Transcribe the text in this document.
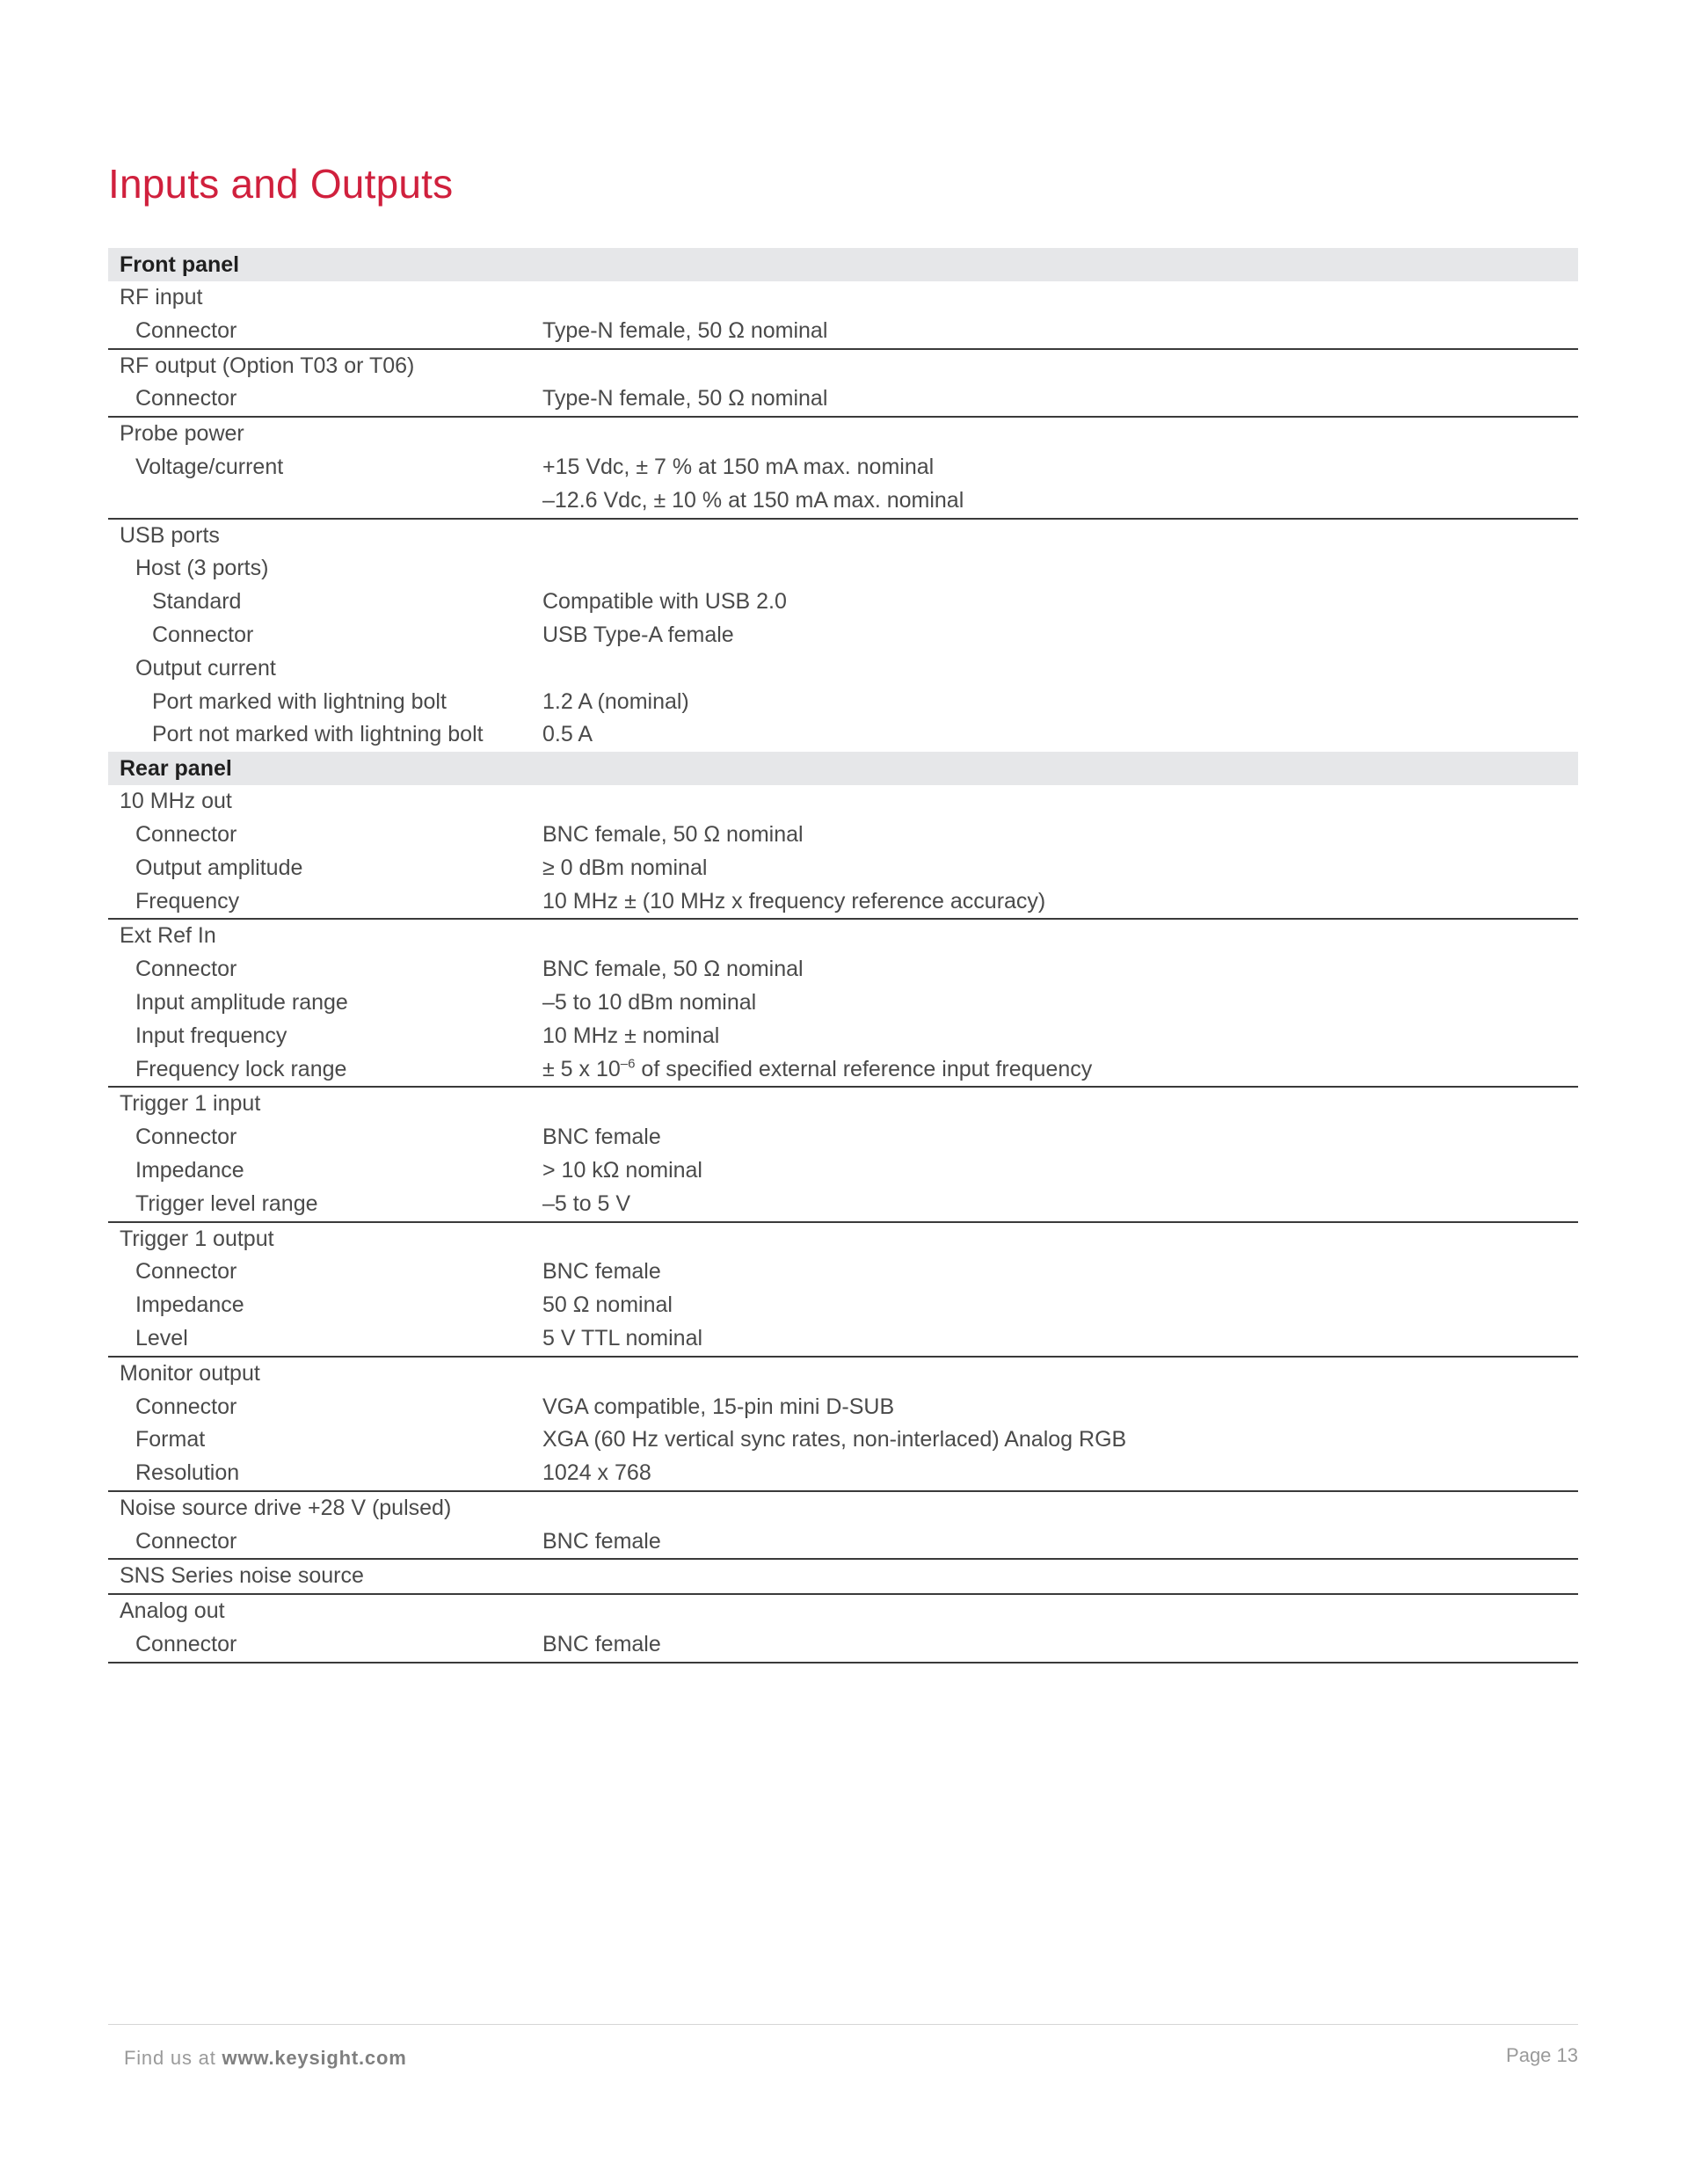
Inputs and Outputs
Front panel
RF input
Connector	Type-N female, 50 Ω nominal
RF output (Option T03 or T06)
Connector	Type-N female, 50 Ω nominal
Probe power
Voltage/current	+15 Vdc, ± 7 % at 150 mA max. nominal
–12.6 Vdc, ± 10 % at 150 mA max. nominal
USB ports
Host (3 ports)
Standard	Compatible with USB 2.0
Connector	USB Type-A female
Output current
Port marked with lightning bolt	1.2 A (nominal)
Port not marked with lightning bolt	0.5 A
Rear panel
10 MHz out
Connector	BNC female, 50 Ω nominal
Output amplitude	≥ 0 dBm nominal
Frequency	10 MHz ± (10 MHz x frequency reference accuracy)
Ext Ref In
Connector	BNC female, 50 Ω nominal
Input amplitude range	–5 to 10 dBm nominal
Input frequency	10 MHz ± nominal
Frequency lock range	± 5 x $10^{-6}$ of specified external reference input frequency
Trigger 1 input
Connector	BNC female
Impedance	> 10 kΩ nominal
Trigger level range	–5 to 5 V
Trigger 1 output
Connector	BNC female
Impedance	50 Ω nominal
Level	5 V TTL nominal
Monitor output
Connector	VGA compatible, 15-pin mini D-SUB
Format	XGA (60 Hz vertical sync rates, non-interlaced) Analog RGB
Resolution	1024 x 768
Noise source drive +28 V (pulsed)
Connector	BNC female
SNS Series noise source
Analog out
Connector	BNC female
Find us at www.keysight.com	Page 13
